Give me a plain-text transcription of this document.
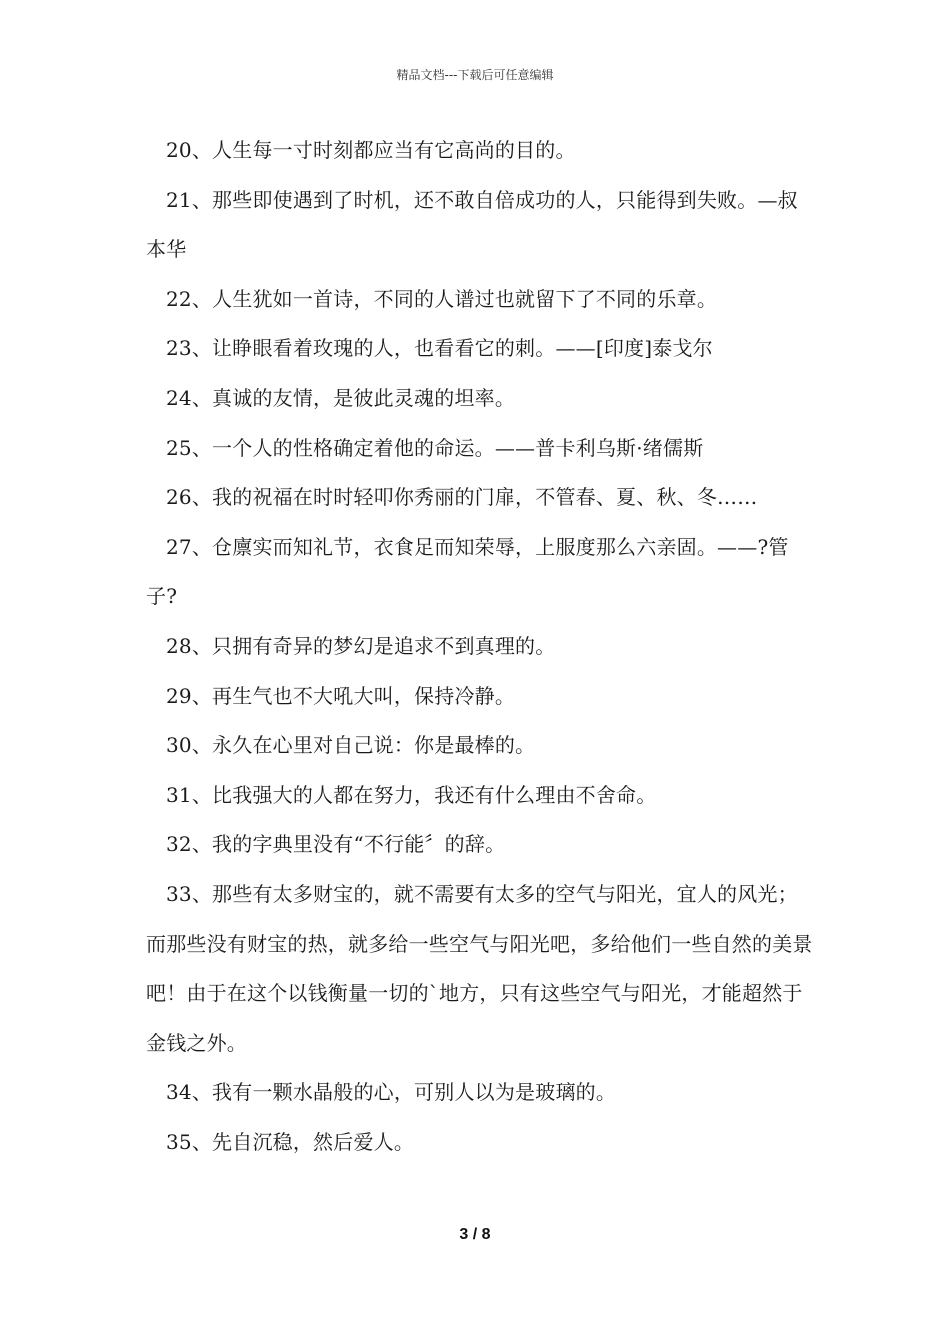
精品文档---下载后可任意编辑

20、人生每一寸时刻都应当有它高尚的目的。

21、那些即使遇到了时机，还不敢自倍成功的人，只能得到失败。—叔本华

22、人生犹如一首诗，不同的人谱过也就留下了不同的乐章。

23、让睁眼看着玫瑰的人，也看看它的刺。——[印度]泰戈尔

24、真诚的友情，是彼此灵魂的坦率。

25、一个人的性格确定着他的命运。——普卡利乌斯·绪儒斯

26、我的祝福在时时轻叩你秀丽的门扉，不管春、夏、秋、冬……

27、仓廪实而知礼节，衣食足而知荣辱，上服度那么六亲固。——?管子?

28、只拥有奇异的梦幻是追求不到真理的。

29、再生气也不大吼大叫，保持冷静。

30、永久在心里对自己说：你是最棒的。

31、比我强大的人都在努力，我还有什么理由不舍命。

32、我的字典里没有“不行能〞的辞。

33、那些有太多财宝的，就不需要有太多的空气与阳光，宜人的风光；而那些没有财宝的热，就多给一些空气与阳光吧，多给他们一些自然的美景吧！由于在这个以钱衡量一切的`地方，只有这些空气与阳光，才能超然于金钱之外。

34、我有一颗水晶般的心，可别人以为是玻璃的。

35、先自沉稳，然后爱人。

3 / 8
